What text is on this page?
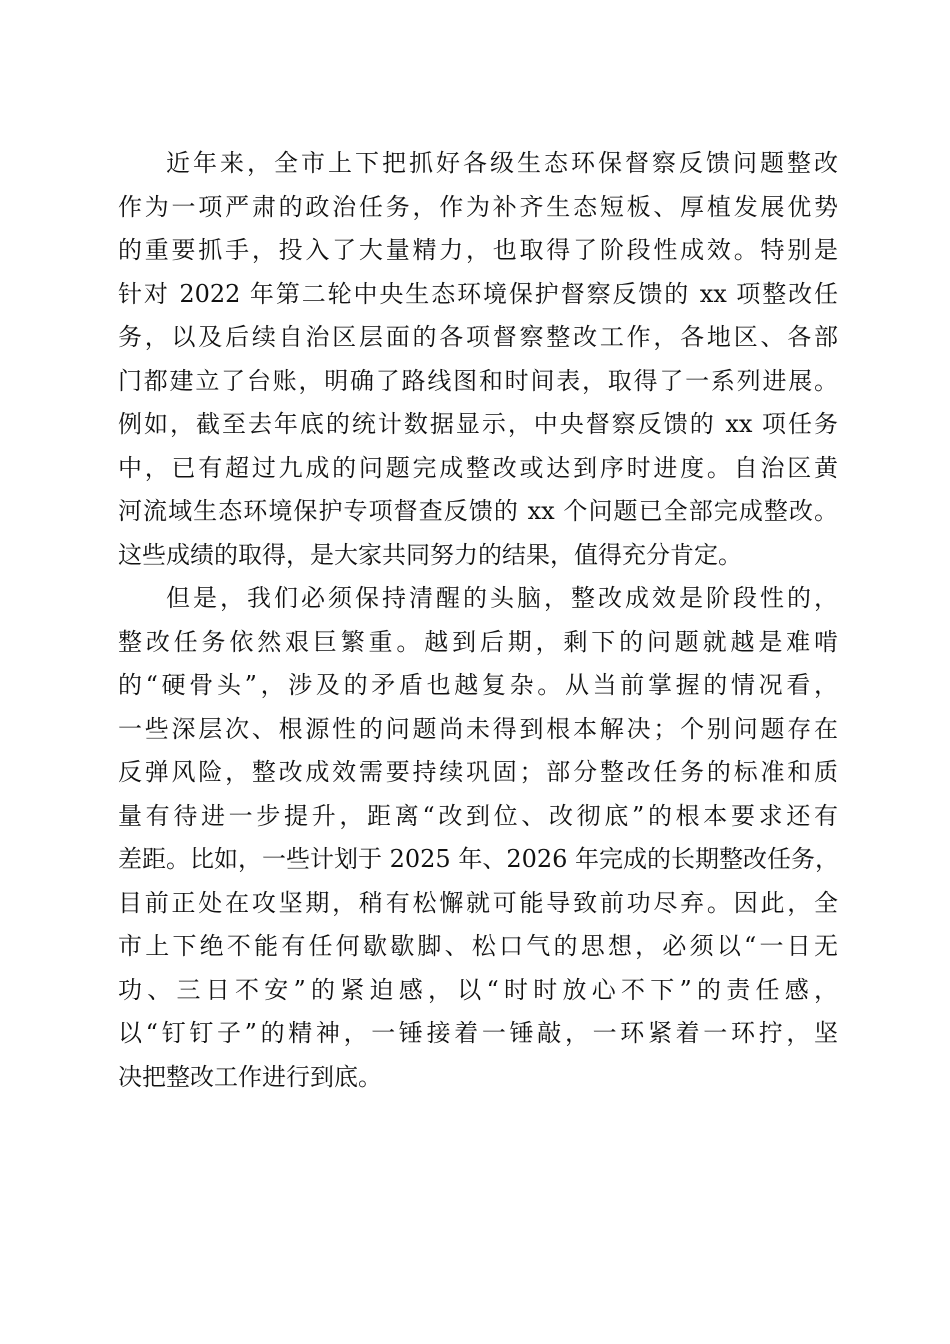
近年来，全市上下把抓好各级生态环保督察反馈问题整改
作为一项严肃的政治任务，作为补齐生态短板、厚植发展优势
的重要抓手，投入了大量精力，也取得了阶段性成效。特别是
针对 2022 年第二轮中央生态环境保护督察反馈的 xx 项整改任
务，以及后续自治区层面的各项督察整改工作，各地区、各部
门都建立了台账，明确了路线图和时间表，取得了一系列进展。
例如，截至去年底的统计数据显示，中央督察反馈的 xx 项任务
中，已有超过九成的问题完成整改或达到序时进度。自治区黄
河流域生态环境保护专项督查反馈的 xx 个问题已全部完成整改。
这些成绩的取得，是大家共同努力的结果，值得充分肯定。
但是，我们必须保持清醒的头脑，整改成效是阶段性的，
整改任务依然艰巨繁重。越到后期，剩下的问题就越是难啃
的“硬骨头”，涉及的矛盾也越复杂。从当前掌握的情况看，
一些深层次、根源性的问题尚未得到根本解决；个别问题存在
反弹风险，整改成效需要持续巩固；部分整改任务的标准和质
量有待进一步提升，距离“改到位、改彻底”的根本要求还有
差距。比如，一些计划于 2025 年、2026 年完成的长期整改任务，
目前正处在攻坚期，稍有松懈就可能导致前功尽弃。因此，全
市上下绝不能有任何歇歇脚、松口气的思想，必须以“一日无
功、三日不安”的紧迫感，以“时时放心不下”的责任感，
以“钉钉子”的精神，一锤接着一锤敲，一环紧着一环拧，坚
决把整改工作进行到底。
